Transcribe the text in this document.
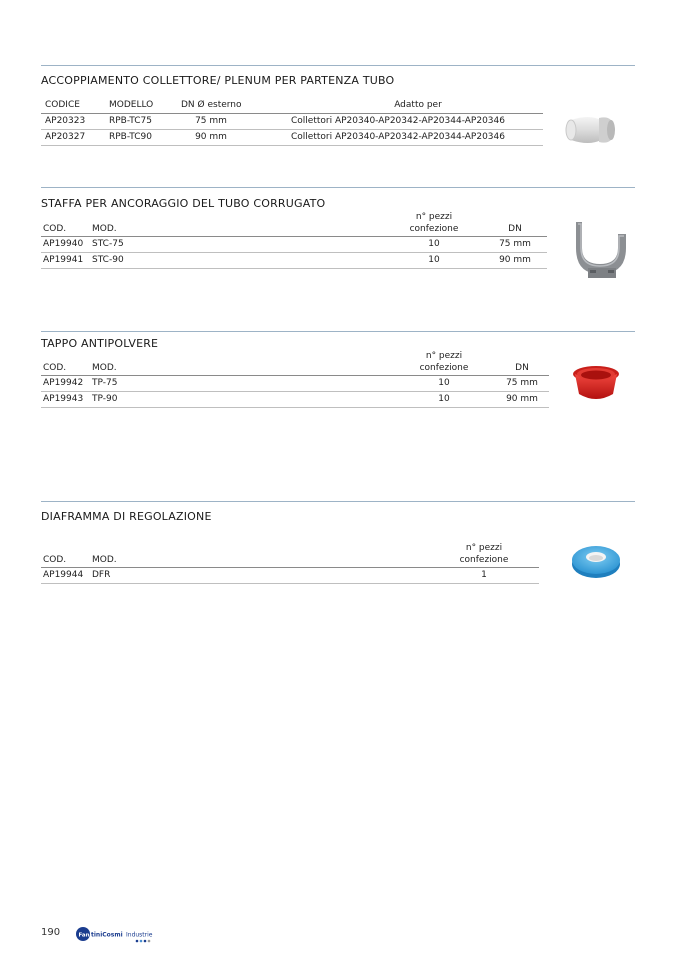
ACCOPPIAMENTO COLLETTORE/ PLENUM PER PARTENZA TUBO
CODICE	MODELLO	DN Ø esterno	Adatto per
AP20323	RPB-TC75	75 mm	Collettori AP20340-AP20342-AP20344-AP20346
AP20327	RPB-TC90	90 mm	Collettori AP20340-AP20342-AP20344-AP20346
STAFFA PER ANCORAGGIO DEL TUBO CORRUGATO
n° pezzi
COD.	MOD.	confezione	DN
AP19940 STC-75	10	75 mm
AP19941 STC-90	10	90 mm
TAPPO ANTIPOLVERE
n° pezzi
COD.	MOD.	confezione	DN
AP19942 TP-75	10	75 mm
AP19943 TP-90	10	90 mm
DIAFRAMMA DI REGOLAZIONE
n° pezzi
COD.	MOD.	confezione
AP19944 DFR	1
190	Fan tiniCosmi Industrie
